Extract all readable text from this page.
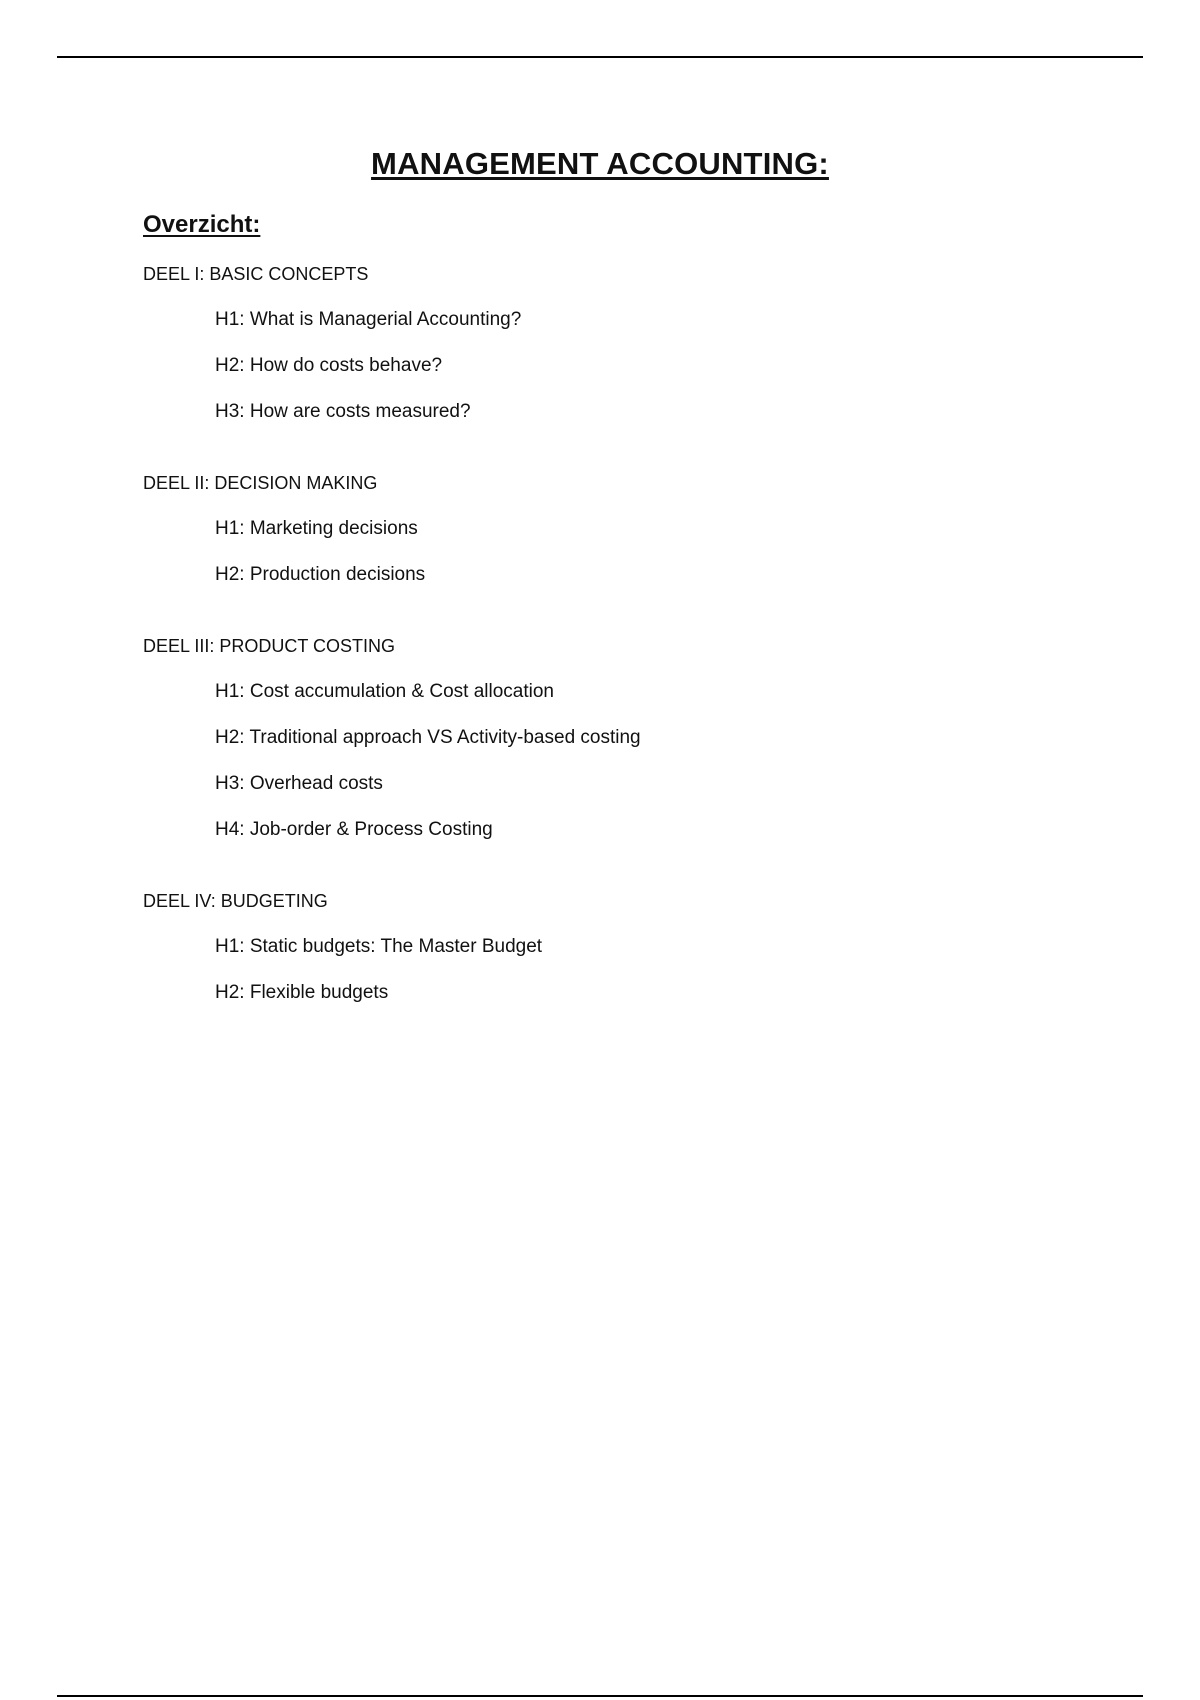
MANAGEMENT ACCOUNTING:
Overzicht:
DEEL I: BASIC CONCEPTS
H1: What is Managerial Accounting?
H2: How do costs behave?
H3: How are costs measured?
DEEL II: DECISION MAKING
H1: Marketing decisions
H2: Production decisions
DEEL III: PRODUCT COSTING
H1: Cost accumulation & Cost allocation
H2: Traditional approach VS Activity-based costing
H3: Overhead costs
H4: Job-order & Process Costing
DEEL IV: BUDGETING
H1: Static budgets: The Master Budget
H2: Flexible budgets
